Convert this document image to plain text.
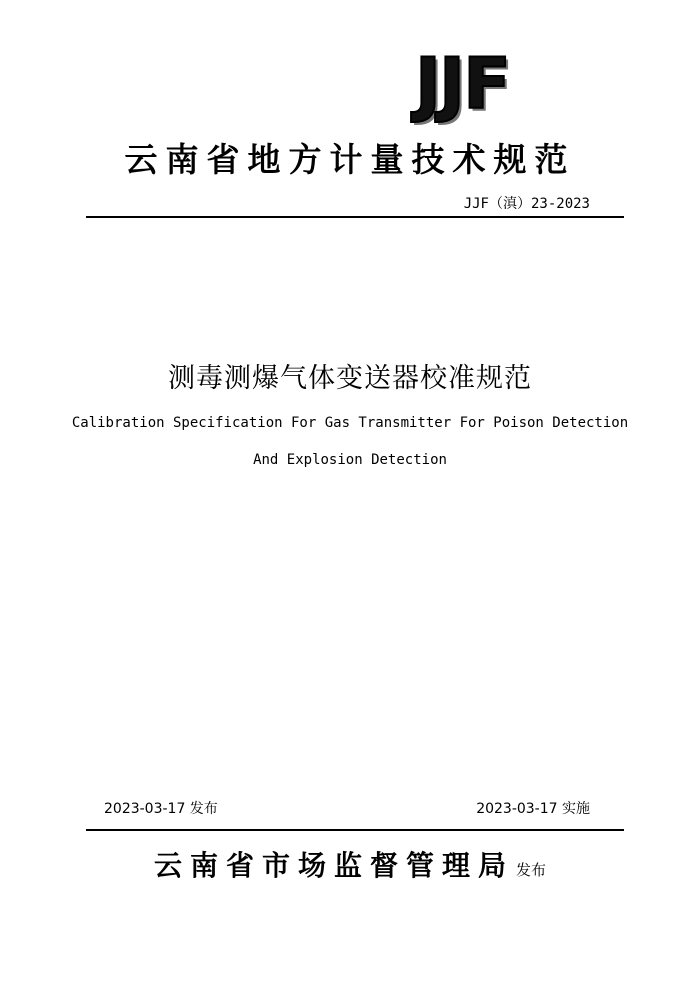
JJF
云南省地方计量技术规范
JJF（滇）23-2023
测毒测爆气体变送器校准规范
Calibration Specification For Gas Transmitter For Poison Detection
And Explosion Detection
2023-03-17 发布	2023-03-17 实施
云南省市场监督管理局 发布
